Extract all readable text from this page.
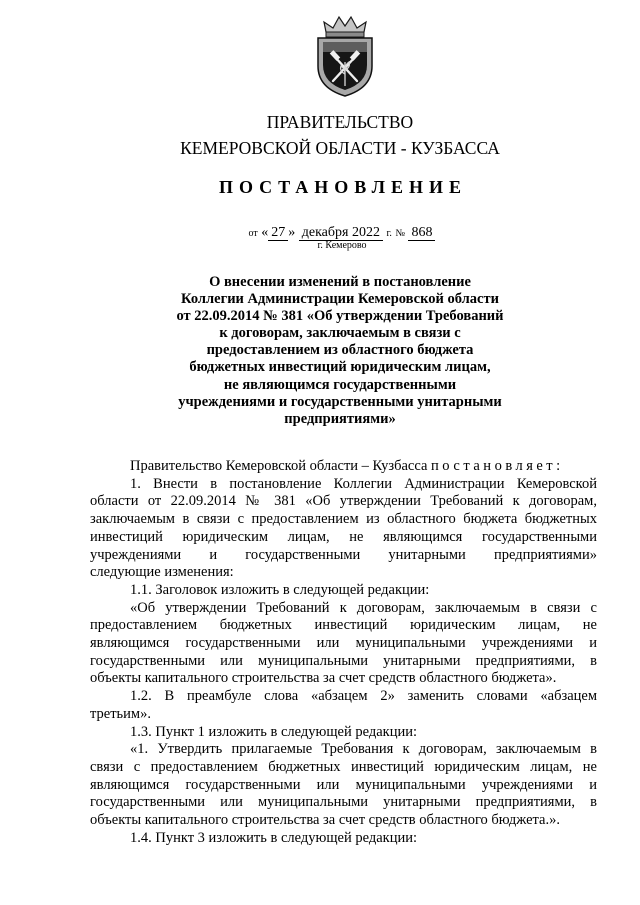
ПРАВИТЕЛЬСТВО
КЕМЕРОВСКОЙ ОБЛАСТИ - КУЗБАССА
ПОСТАНОВЛЕНИЕ
от « 27 » декабря 2022 г. № 868
г. Кемерово
О внесении изменений в постановление
Коллегии Администрации Кемеровской области
от 22.09.2014 № 381 «Об утверждении Требований
к договорам, заключаемым в связи с
предоставлением из областного бюджета
бюджетных инвестиций юридическим лицам,
не являющимся государственными
учреждениями и государственными унитарными
предприятиями»
Правительство Кемеровской области – Кузбасса постановляет:
1. Внести в постановление Коллегии Администрации Кемеровской
области от 22.09.2014 № 381 «Об утверждении Требований к договорам,
заключаемым в связи с предоставлением из областного бюджета бюджетных
инвестиций юридическим лицам, не являющимся государственными
учреждениями и государственными унитарными предприятиями»
следующие изменения:
1.1. Заголовок изложить в следующей редакции:
«Об утверждении Требований к договорам, заключаемым в связи с
предоставлением бюджетных инвестиций юридическим лицам, не
являющимся государственными или муниципальными учреждениями и
государственными или муниципальными унитарными предприятиями, в
объекты капитального строительства за счет средств областного бюджета».
1.2. В преамбуле слова «абзацем 2» заменить словами «абзацем
третьим».
1.3. Пункт 1 изложить в следующей редакции:
«1. Утвердить прилагаемые Требования к договорам, заключаемым в
связи с предоставлением бюджетных инвестиций юридическим лицам, не
являющимся государственными или муниципальными учреждениями и
государственными или муниципальными унитарными предприятиями, в
объекты капитального строительства за счет средств областного бюджета.».
1.4. Пункт 3 изложить в следующей редакции:
